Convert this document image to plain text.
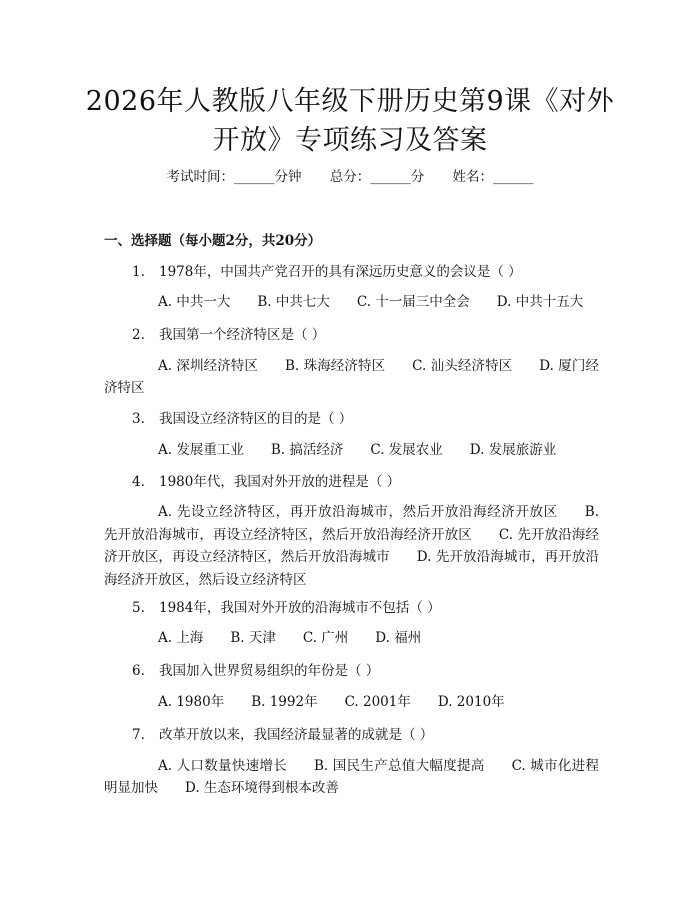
2026年人教版八年级下册历史第9课《对外
开放》专项练习及答案
考试时间：______分钟 总分：______分 姓名：______
一、选择题（每小题2分，共20分）
1. 1978年，中国共产党召开的具有深远历史意义的会议是（ ）
A. 中共一大 B. 中共七大 C. 十一届三中全会 D. 中共十五大
2. 我国第一个经济特区是（ ）
A. 深圳经济特区 B. 珠海经济特区 C. 汕头经济特区 D. 厦门经济特区
3. 我国设立经济特区的目的是（ ）
A. 发展重工业 B. 搞活经济 C. 发展农业 D. 发展旅游业
4. 1980年代，我国对外开放的进程是（ ）
A. 先设立经济特区，再开放沿海城市，然后开放沿海经济开放区 B. 先开放沿海城市，再设立经济特区，然后开放沿海经济开放区 C. 先开放沿海经济开放区，再设立经济特区，然后开放沿海城市 D. 先开放沿海城市，再开放沿海经济开放区，然后设立经济特区
5. 1984年，我国对外开放的沿海城市不包括（ ）
A. 上海 B. 天津 C. 广州 D. 福州
6. 我国加入世界贸易组织的年份是（ ）
A. 1980年 B. 1992年 C. 2001年 D. 2010年
7. 改革开放以来，我国经济最显著的成就是（ ）
A. 人口数量快速增长 B. 国民生产总值大幅度提高 C. 城市化进程明显加快 D. 生态环境得到根本改善
